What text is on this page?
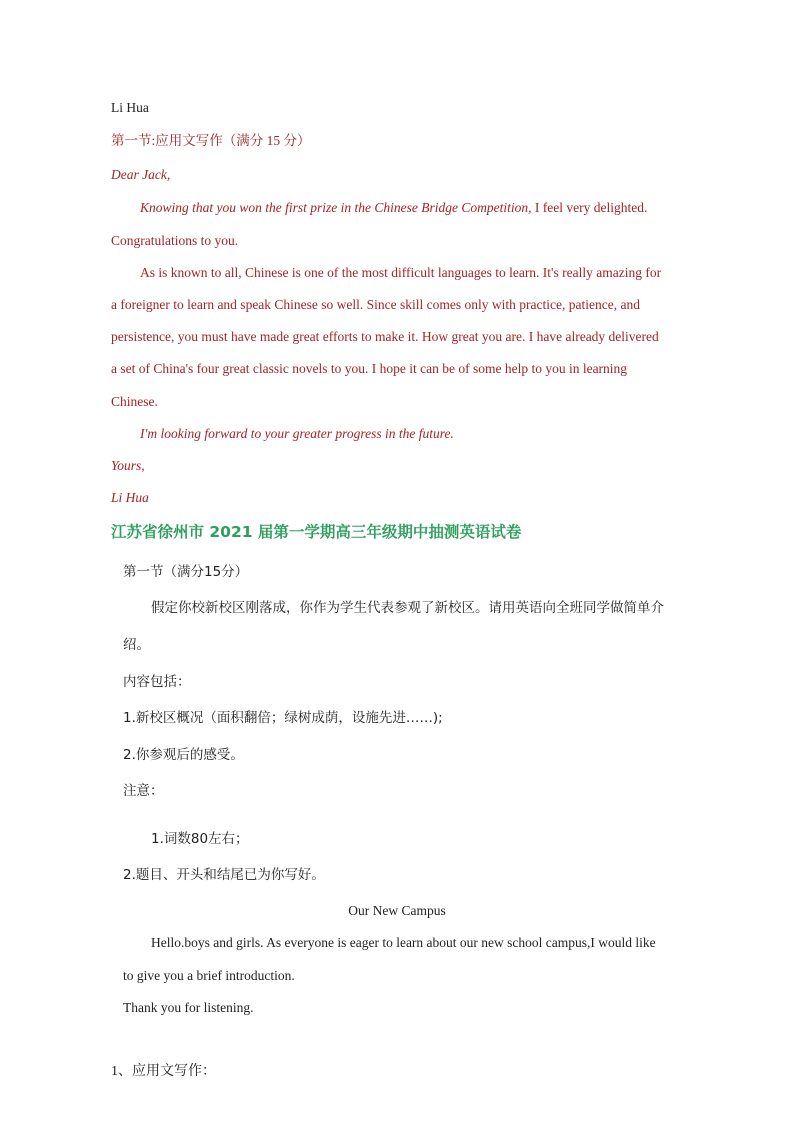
Li Hua
第一节:应用文写作（满分 15 分）
Dear Jack,
Knowing that you won the first prize in the Chinese Bridge Competition, I feel very delighted.
Congratulations to you.
As is known to all, Chinese is one of the most difficult languages to learn. It's really amazing for
a foreigner to learn and speak Chinese so well. Since skill comes only with practice, patience, and
persistence, you must have made great efforts to make it. How great you are. I have already delivered
a set of China's four great classic novels to you. I hope it can be of some help to you in learning
Chinese.
I'm looking forward to your greater progress in the future.
Yours,
Li Hua
江苏省徐州市 2021 届第一学期高三年级期中抽测英语试卷
第一节（满分15分）
假定你校新校区刚落成，你作为学生代表参观了新校区。请用英语向全班同学做简单介
绍。
内容包括：
1.新校区概况（面积翻倍；绿树成荫，设施先进……);
2.你参观后的感受。
注意：
1.词数80左右；
2.题目、开头和结尾已为你写好。
Our New Campus
Hello.boys and girls. As everyone is eager to learn about our new school campus,I would like
to give you a brief introduction.
Thank you for listening.
1、应用文写作：
